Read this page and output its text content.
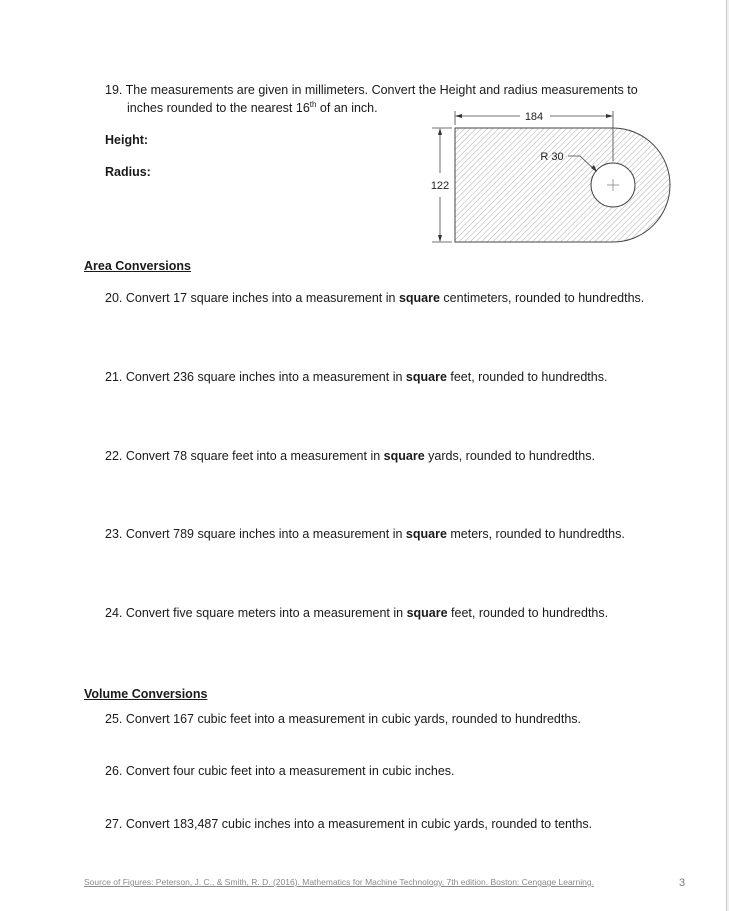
19. The measurements are given in millimeters. Convert the Height and radius measurements to
inches rounded to the nearest 16th of an inch.
Height:
Radius:
184
122
R 30
Area Conversions
20. Convert 17 square inches into a measurement in square centimeters, rounded to hundredths.
21. Convert 236 square inches into a measurement in square feet, rounded to hundredths.
22. Convert 78 square feet into a measurement in square yards, rounded to hundredths.
23. Convert 789 square inches into a measurement in square meters, rounded to hundredths.
24. Convert five square meters into a measurement in square feet, rounded to hundredths.
Volume Conversions
25. Convert 167 cubic feet into a measurement in cubic yards, rounded to hundredths.
26. Convert four cubic feet into a measurement in cubic inches.
27. Convert 183,487 cubic inches into a measurement in cubic yards, rounded to tenths.
Source of Figures: Peterson, J. C., & Smith, R. D. (2016). Mathematics for Machine Technology, 7th edition. Boston: Cengage Learning.	3
